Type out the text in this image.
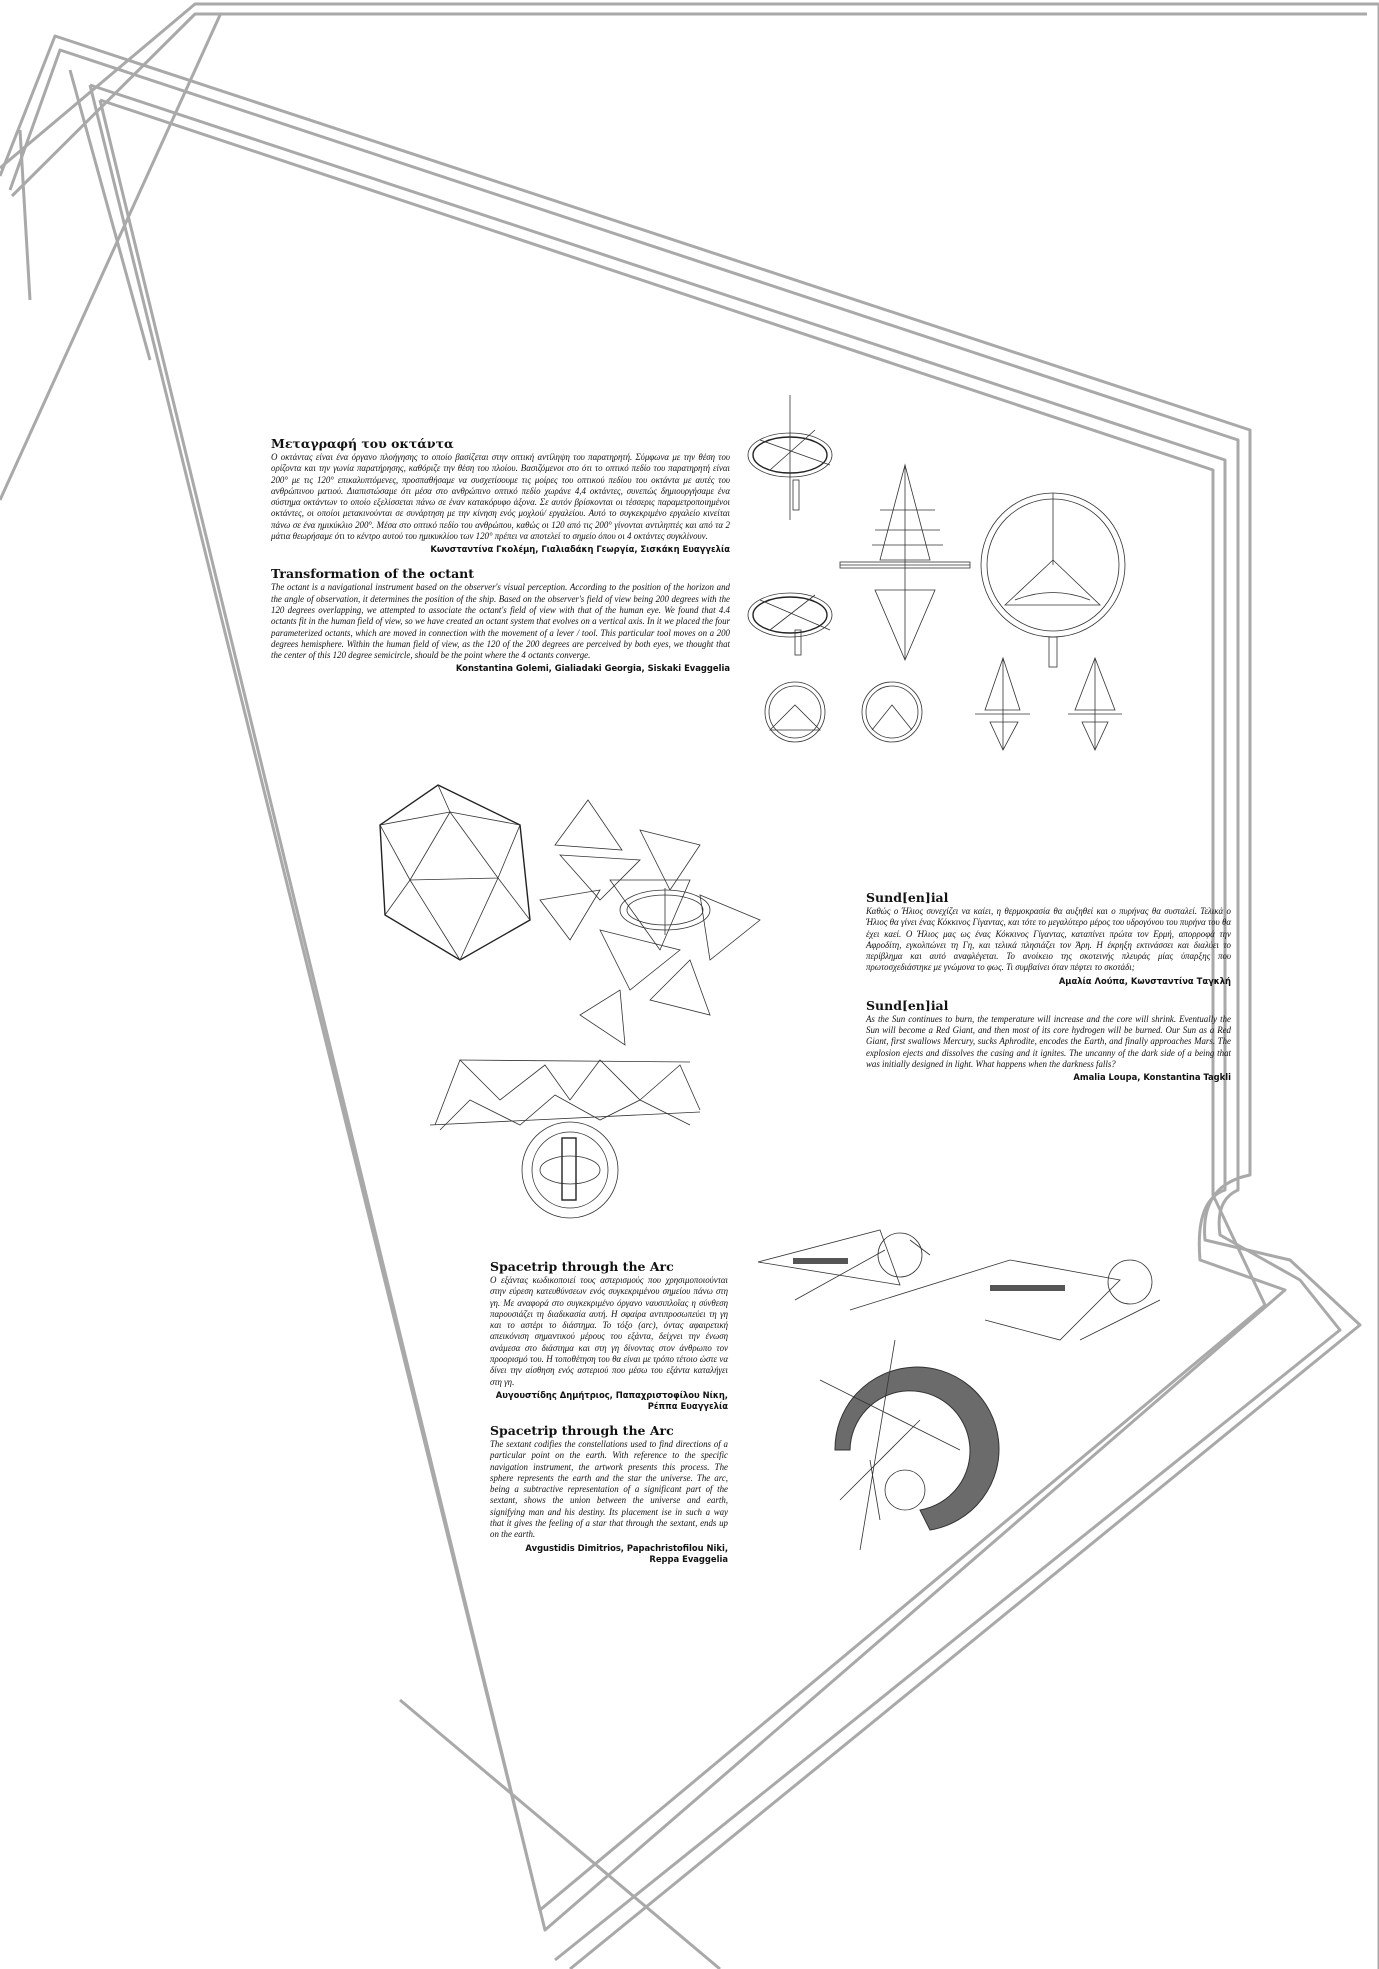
Μεταγραφή του οκτάντα

Ο οκτάντας είναι ένα όργανο πλοήγησης το οποίο βασίζεται στην οπτική αντίληψη του παρατηρητή. Σύμφωνα με την θέση του ορίζοντα και την γωνία παρατήρησης, καθόριζε την θέση του πλοίου. Βασιζόμενοι στο ότι το οπτικό πεδίο του παρατηρητή είναι 200° με τις 120° επικαλυπτόμενες, προσπαθήσαμε να συσχετίσουμε τις μοίρες του οπτικού πεδίου του οκτάντα με αυτές του ανθρώπινου ματιού. Διαπιστώσαμε ότι μέσα στο ανθρώπινο οπτικό πεδίο χωράνε 4,4 οκτάντες, συνεπώς δημιουργήσαμε ένα σύστημα οκτάντων το οποίο εξελίσσεται πάνω σε έναν κατακόρυφο άξονα. Σε αυτόν βρίσκονται οι τέσσερις παραμετροποιημένοι οκτάντες, οι οποίοι μετακινούνται σε συνάρτηση με την κίνηση ενός μοχλού/ εργαλείου. Αυτό το συγκεκριμένο εργαλείο κινείται πάνω σε ένα ημικύκλιο 200°. Μέσα στο οπτικό πεδίο του ανθρώπου, καθώς οι 120 από τις 200° γίνονται αντιληπτές και από τα 2 μάτια θεωρήσαμε ότι το κέντρο αυτού του ημικυκλίου των 120° πρέπει να αποτελεί το σημείο όπου οι 4 οκτάντες συγκλίνουν.

Κωνσταντίνα Γκολέμη, Γιαλιαδάκη Γεωργία, Σισκάκη Ευαγγελία
Transformation of the octant

The octant is a navigational instrument based on the observer's visual perception. According to the position of the horizon and the angle of observation, it determines the position of the ship. Based on the observer's field of view being 200 degrees with the 120 degrees overlapping, we attempted to associate the octant's field of view with that of the human eye. We found that 4.4 octants fit in the human field of view, so we have created an octant system that evolves on a vertical axis. In it we placed the four parameterized octants, which are moved in connection with the movement of a lever / tool. This particular tool moves on a 200 degrees hemisphere. Within the human field of view, as the 120 of the 200 degrees are perceived by both eyes, we thought that the center of this 120 degree semicircle, should be the point where the 4 octants converge.

Konstantina Golemi, Gialiadaki Georgia, Siskaki Evaggelia
Sund[en]ial

Καθώς ο Ήλιος συνεχίζει να καίει, η θερμοκρασία θα αυξηθεί και ο πυρήνας θα συσταλεί. Τελικά ο Ήλιος θα γίνει ένας Κόκκινος Γίγαντας, και τότε το μεγαλύτερο μέρος του υδρογόνου του πυρήνα του θα έχει καεί. Ο Ήλιος μας ως ένας Κόκκινος Γίγαντας, καταπίνει πρώτα τον Ερμή, απορροφά την Αφροδίτη, εγκολπώνει τη Γη, και τελικά πλησιάζει τον Άρη. Η έκρηξη εκτινάσσει και διαλύει το περίβλημα και αυτό αναφλέγεται. Το ανοίκειο της σκοτεινής πλευράς μίας ύπαρξης που πρωτοσχεδιάστηκε με γνώμονα το φως. Τι συμβαίνει όταν πέφτει το σκοτάδι;

Αμαλία Λούπα, Κωνσταντίνα Ταγκλή
Sund[en]ial

As the Sun continues to burn, the temperature will increase and the core will shrink. Eventually the Sun will become a Red Giant, and then most of its core hydrogen will be burned. Our Sun as a Red Giant, first swallows Mercury, sucks Aphrodite, encodes the Earth, and finally approaches Mars. The explosion ejects and dissolves the casing and it ignites. The uncanny of the dark side of a being that was initially designed in light. What happens when the darkness falls?

Amalia Loupa, Konstantina Tagkli
Spacetrip through the Arc

Ο εξάντας κωδικοποιεί τους αστερισμούς που χρησιμοποιούνται στην εύρεση κατευθύνσεων ενός συγκεκριμένου σημείου πάνω στη γη. Με αναφορά στο συγκεκριμένο όργανο ναυσιπλοΐας η σύνθεση παρουσιάζει τη διαδικασία αυτή. Η σφαίρα αντιπροσωπεύει τη γη και το αστέρι το διάστημα. Το τόξο (arc), όντας αφαιρετική απεικόνιση σημαντικού μέρους του εξάντα, δείχνει την ένωση ανάμεσα στο διάστημα και στη γη δίνοντας στον άνθρωπο τον προορισμό του. Η τοποθέτηση του θα είναι με τρόπο τέτοιο ώστε να δίνει την αίσθηση ενός αστεριού που μέσω του εξάντα καταλήγει στη γη.

Αυγουστίδης Δημήτριος, Παπαχριστοφίλου Νίκη,
Ρέππα Ευαγγελία
Spacetrip through the Arc

The sextant codifies the constellations used to find directions of a particular point on the earth. With reference to the specific navigation instrument, the artwork presents this process. The sphere represents the earth and the star the universe. The arc, being a subtractive representation of a significant part of the sextant, shows the union between the universe and earth, signifying man and his destiny. Its placement ise in such a way that it gives the feeling of a star that through the sextant, ends up on the earth.

Avgustidis Dimitrios, Papachristofilou Niki,
Reppa Evaggelia
